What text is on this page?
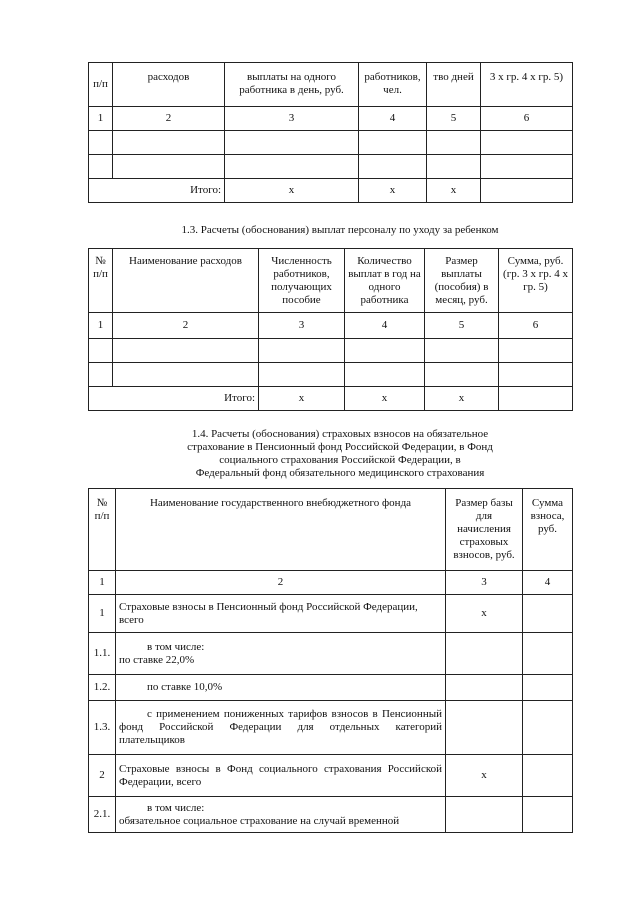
п/п	расходов	выплаты на одного работника в день, руб.	работников, чел.	тво дней	3 х гр. 4 х гр. 5)
1	2	3	4	5	6

	Итого:	х	х	х	
1.3. Расчеты (обоснования) выплат персоналу по уходу за ребенком
№ п/п	Наименование расходов	Численность работников, получающих пособие	Количество выплат в год на одного работника	Размер выплаты (пособия) в месяц, руб.	Сумма, руб. (гр. 3 х гр. 4 х гр. 5)
1	2	3	4	5	6

	Итого:	х	х	х	
1.4. Расчеты (обоснования) страховых взносов на обязательное страхование в Пенсионный фонд Российской Федерации, в Фонд социального страхования Российской Федерации, в Федеральный фонд обязательного медицинского страхования
№ п/п	Наименование государственного внебюджетного фонда	Размер базы для начисления страховых взносов, руб.	Сумма взноса, руб.
1	2	3	4
1	Страховые взносы в Пенсионный фонд Российской Федерации, всего	х	
1.1.	в том числе:
по ставке 22,0%		

1.2.	по ставке 10,0%		

1.3.	с применением пониженных тарифов взносов в Пенсионный фонд Российской Федерации для отдельных категорий плательщиков		
2	Страховые взносы в Фонд социального страхования Российской Федерации, всего	х	
2.1.	в том числе:
обязательное социальное страхование на случай временной		
